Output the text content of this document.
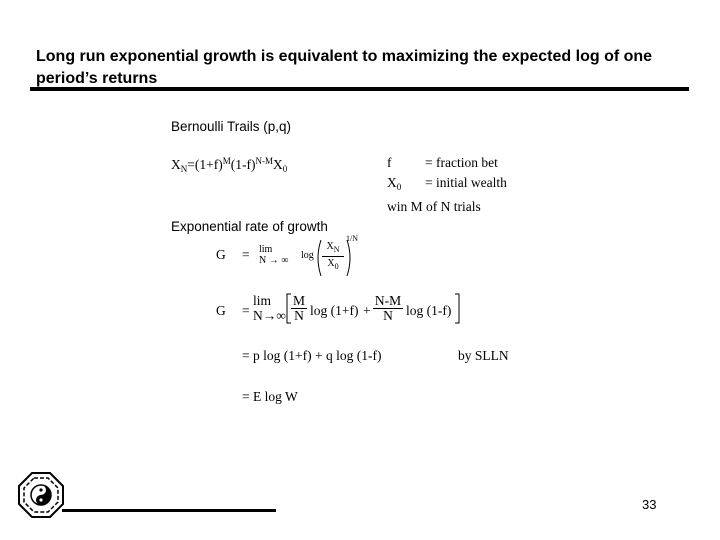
Long run exponential growth is equivalent to maximizing the expected log of one period’s returns
Bernoulli Trails (p,q)
$X_N=(1+f)^M(1-f)^{N-M}X_0$	f = fraction bet
$X_0$ = initial wealth
win M of N trials
Exponential rate of growth
G = lim
N → ∞ $\log \frac{X_N}{X_0}$
1/N
G =
lim
$N\to\infty \frac{M}{N}$ $\log (1+f) + \frac{N-M}{N}$ log (1-f)
= p log (1+f) + q log (1-f)	by SLLN
= E log W
33
